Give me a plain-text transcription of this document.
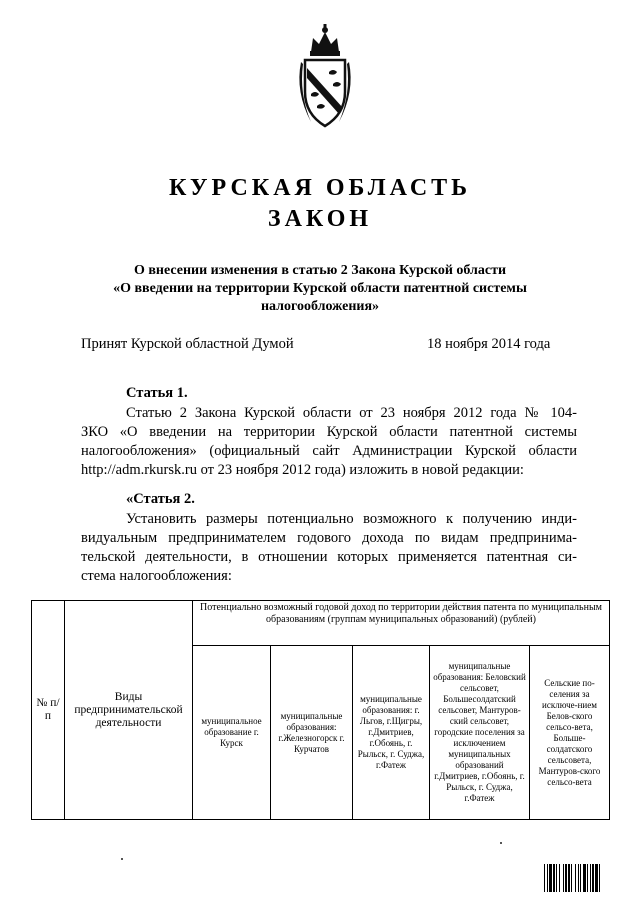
КУРСКАЯ ОБЛАСТЬ
ЗАКОН
О внесении изменения в статью 2 Закона Курской области
«О введении на территории Курской области патентной системы
налогообложения»
Принят Курской областной Думой	18 ноября 2014 года
Статья 1.
Статью 2 Закона Курской области от 23 ноября 2012 года № 104-
ЗКО «О введении на территории Курской области патентной системы
налогообложения» (официальный сайт Администрации Курской области
http://adm.rkursk.ru от 23 ноября 2012 года) изложить в новой редакции:
«Статья 2.
Установить размеры потенциально возможного к получению инди-
видуальным предпринимателем годового дохода по видам предпринима-
тельской деятельности, в отношении которых применяется патентная си-
стема налогообложения:
№ п/п	Виды предпринимательской деятельности	Потенциально возможный годовой доход по территории действия патента по муниципальным образованиям (группам муниципальных образований) (рублей)				
		муниципальное образование г. Курск	муниципальные образования: г.Железногорск г. Курчатов	муниципальные образования: г. Льгов, г.Щигры, г.Дмитриев, г.Обоянь, г. Рыльск, г. Суджа, г.Фатеж	муниципальные образования: Беловский сельсовет, Большесолдатский сельсовет, Мантуров-ский сельсовет, городские поселения за исключением муниципальных образований г.Дмитриев, г.Обоянь, г. Рыльск, г. Суджа, г.Фатеж	Сельские по-селения за исключе-нием Белов-ского сельсо-вета, Больше-солдатского сельсовета, Мантуров-ского сельсо-вета
